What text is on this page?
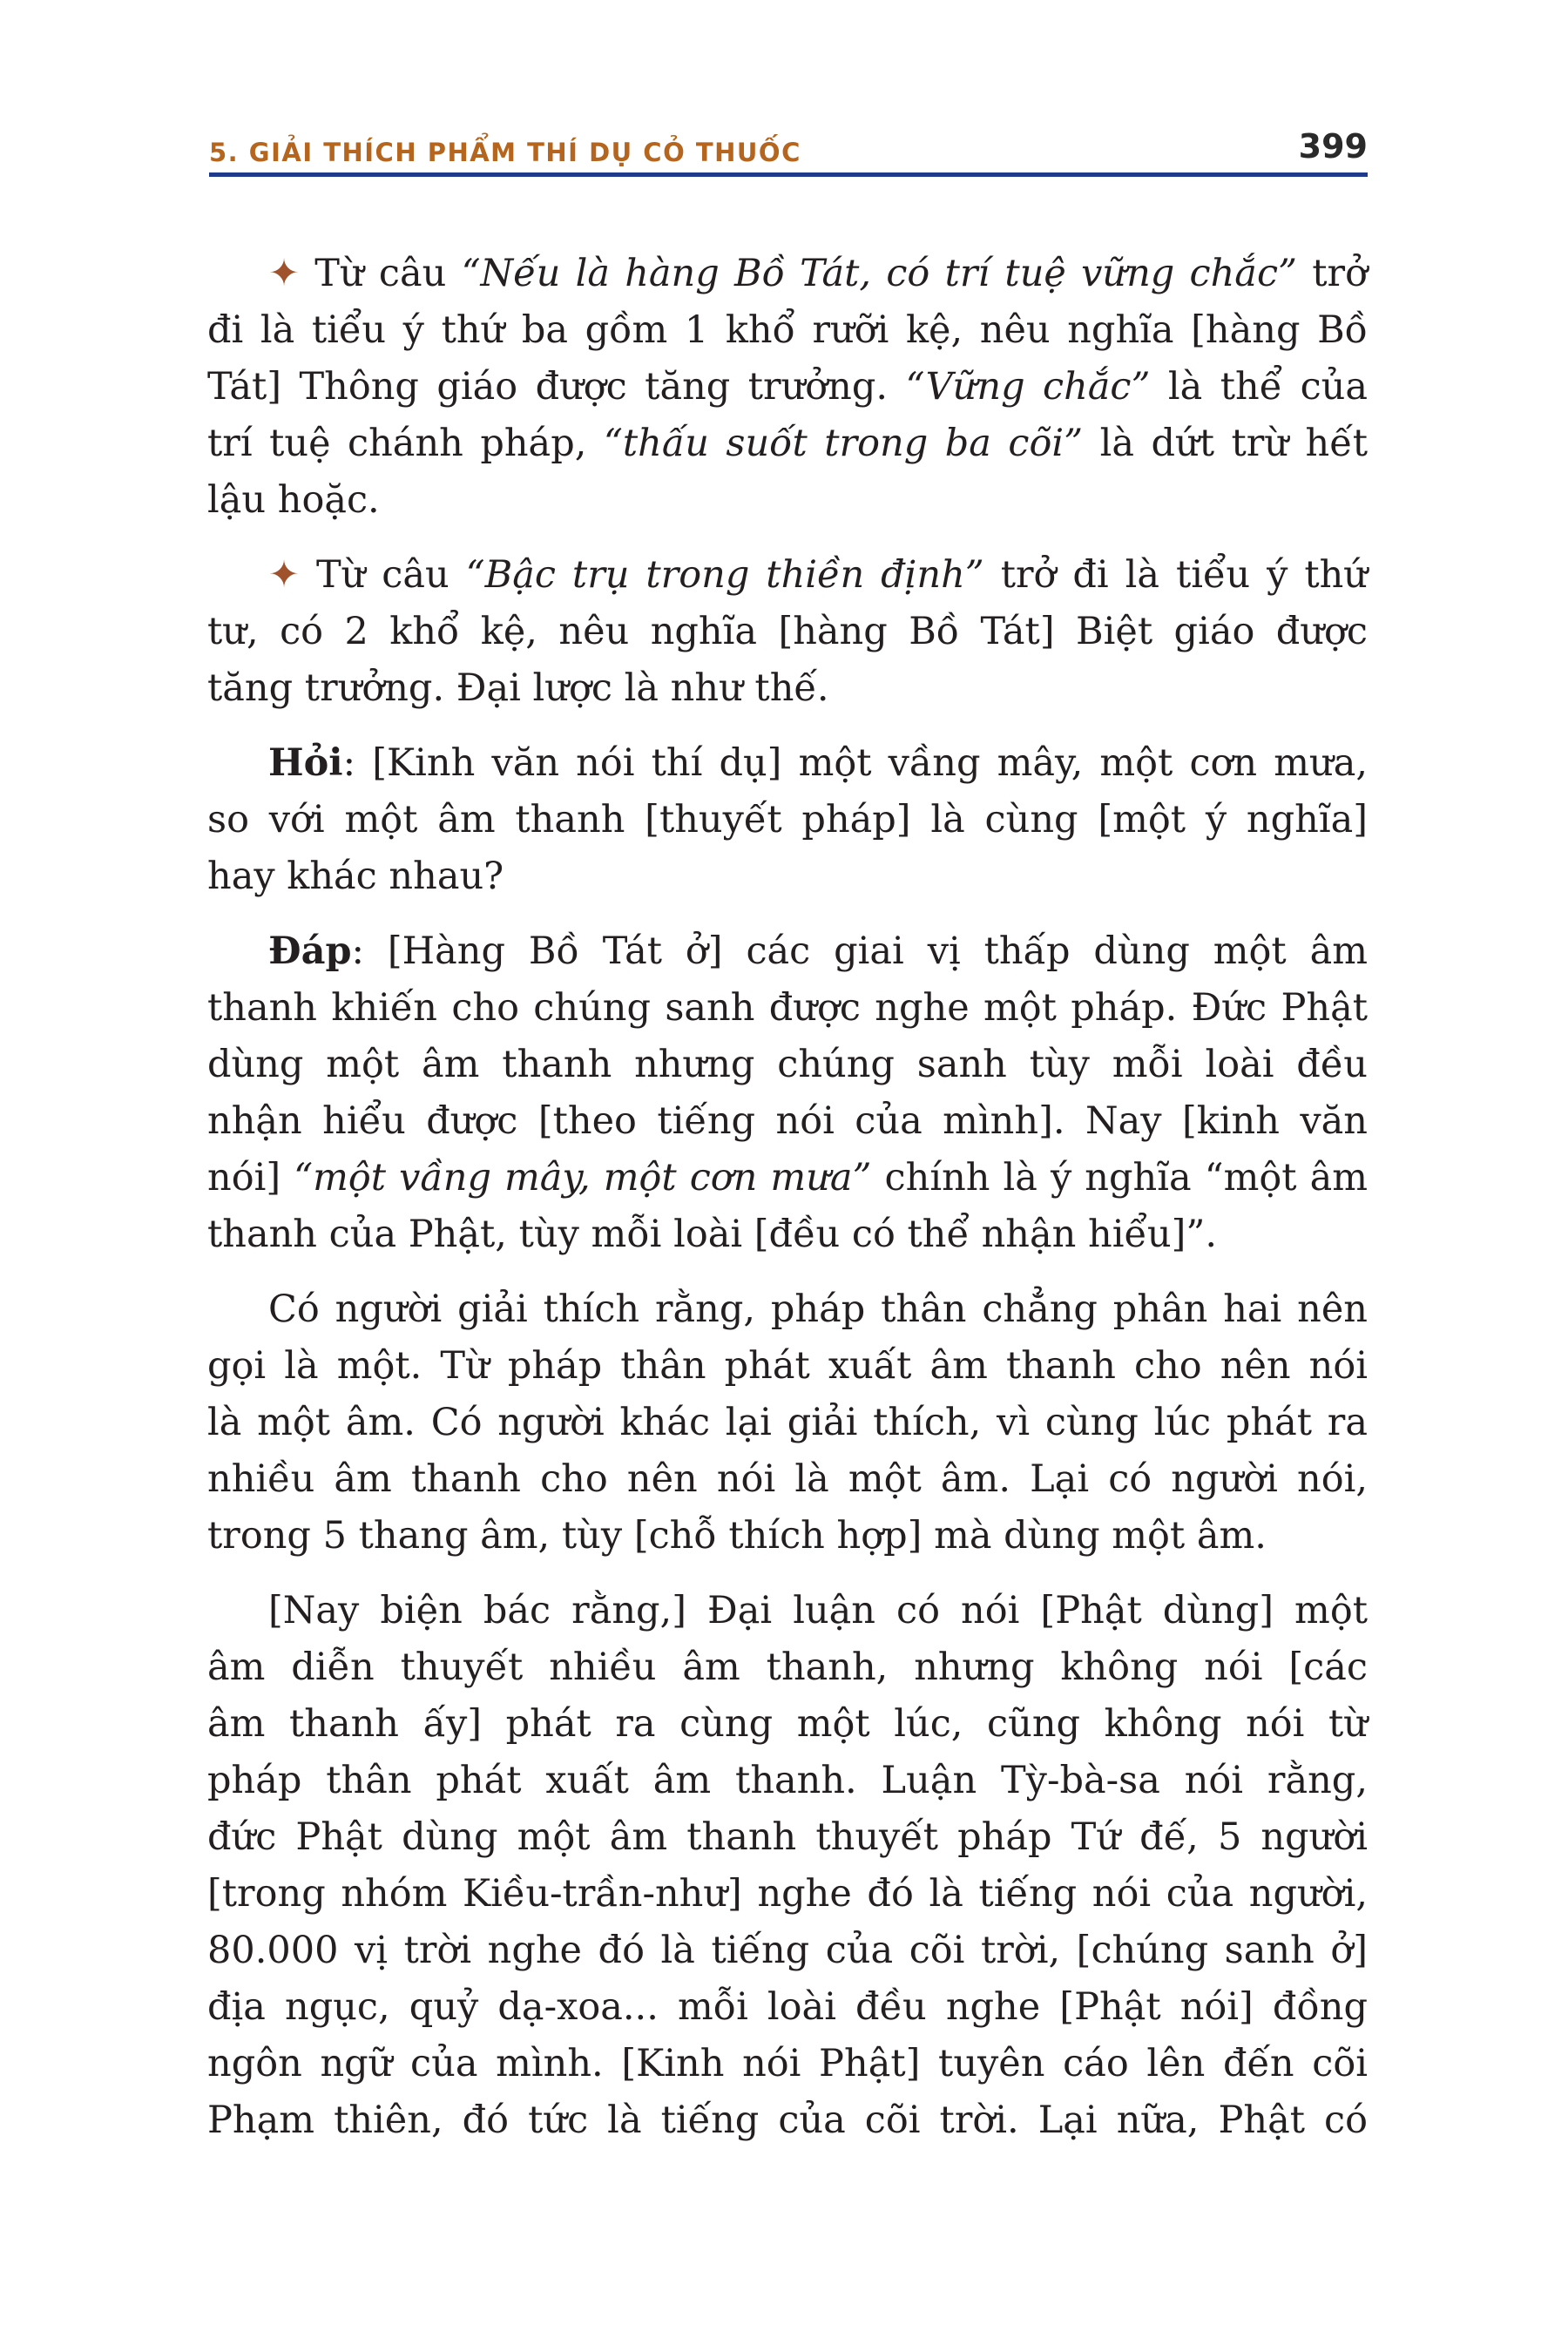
5. GIẢI THÍCH PHẨM THÍ DỤ CỎ THUỐC	399
✦ Từ câu “Nếu là hàng Bồ Tát, có trí tuệ vững chắc” trở
đi là tiểu ý thứ ba gồm 1 khổ rưỡi kệ, nêu nghĩa [hàng Bồ
Tát] Thông giáo được tăng trưởng. “Vững chắc” là thể của
trí tuệ chánh pháp, “thấu suốt trong ba cõi” là dứt trừ hết
lậu hoặc.
✦ Từ câu “Bậc trụ trong thiền định” trở đi là tiểu ý thứ
tư, có 2 khổ kệ, nêu nghĩa [hàng Bồ Tát] Biệt giáo được
tăng trưởng. Đại lược là như thế.
Hỏi: [Kinh văn nói thí dụ] một vầng mây, một cơn mưa,
so với một âm thanh [thuyết pháp] là cùng [một ý nghĩa]
hay khác nhau?
Đáp: [Hàng Bồ Tát ở] các giai vị thấp dùng một âm
thanh khiến cho chúng sanh được nghe một pháp. Đức Phật
dùng một âm thanh nhưng chúng sanh tùy mỗi loài đều
nhận hiểu được [theo tiếng nói của mình]. Nay [kinh văn
nói] “một vầng mây, một cơn mưa” chính là ý nghĩa “một âm
thanh của Phật, tùy mỗi loài [đều có thể nhận hiểu]”.
Có người giải thích rằng, pháp thân chẳng phân hai nên
gọi là một. Từ pháp thân phát xuất âm thanh cho nên nói
là một âm. Có người khác lại giải thích, vì cùng lúc phát ra
nhiều âm thanh cho nên nói là một âm. Lại có người nói,
trong 5 thang âm, tùy [chỗ thích hợp] mà dùng một âm.
[Nay biện bác rằng,] Đại luận có nói [Phật dùng] một
âm diễn thuyết nhiều âm thanh, nhưng không nói [các
âm thanh ấy] phát ra cùng một lúc, cũng không nói từ
pháp thân phát xuất âm thanh. Luận Tỳ-bà-sa nói rằng,
đức Phật dùng một âm thanh thuyết pháp Tứ đế, 5 người
[trong nhóm Kiều-trần-như] nghe đó là tiếng nói của người,
80.000 vị trời nghe đó là tiếng của cõi trời, [chúng sanh ở]
địa ngục, quỷ dạ-xoa... mỗi loài đều nghe [Phật nói] đồng
ngôn ngữ của mình. [Kinh nói Phật] tuyên cáo lên đến cõi
Phạm thiên, đó tức là tiếng của cõi trời. Lại nữa, Phật có
